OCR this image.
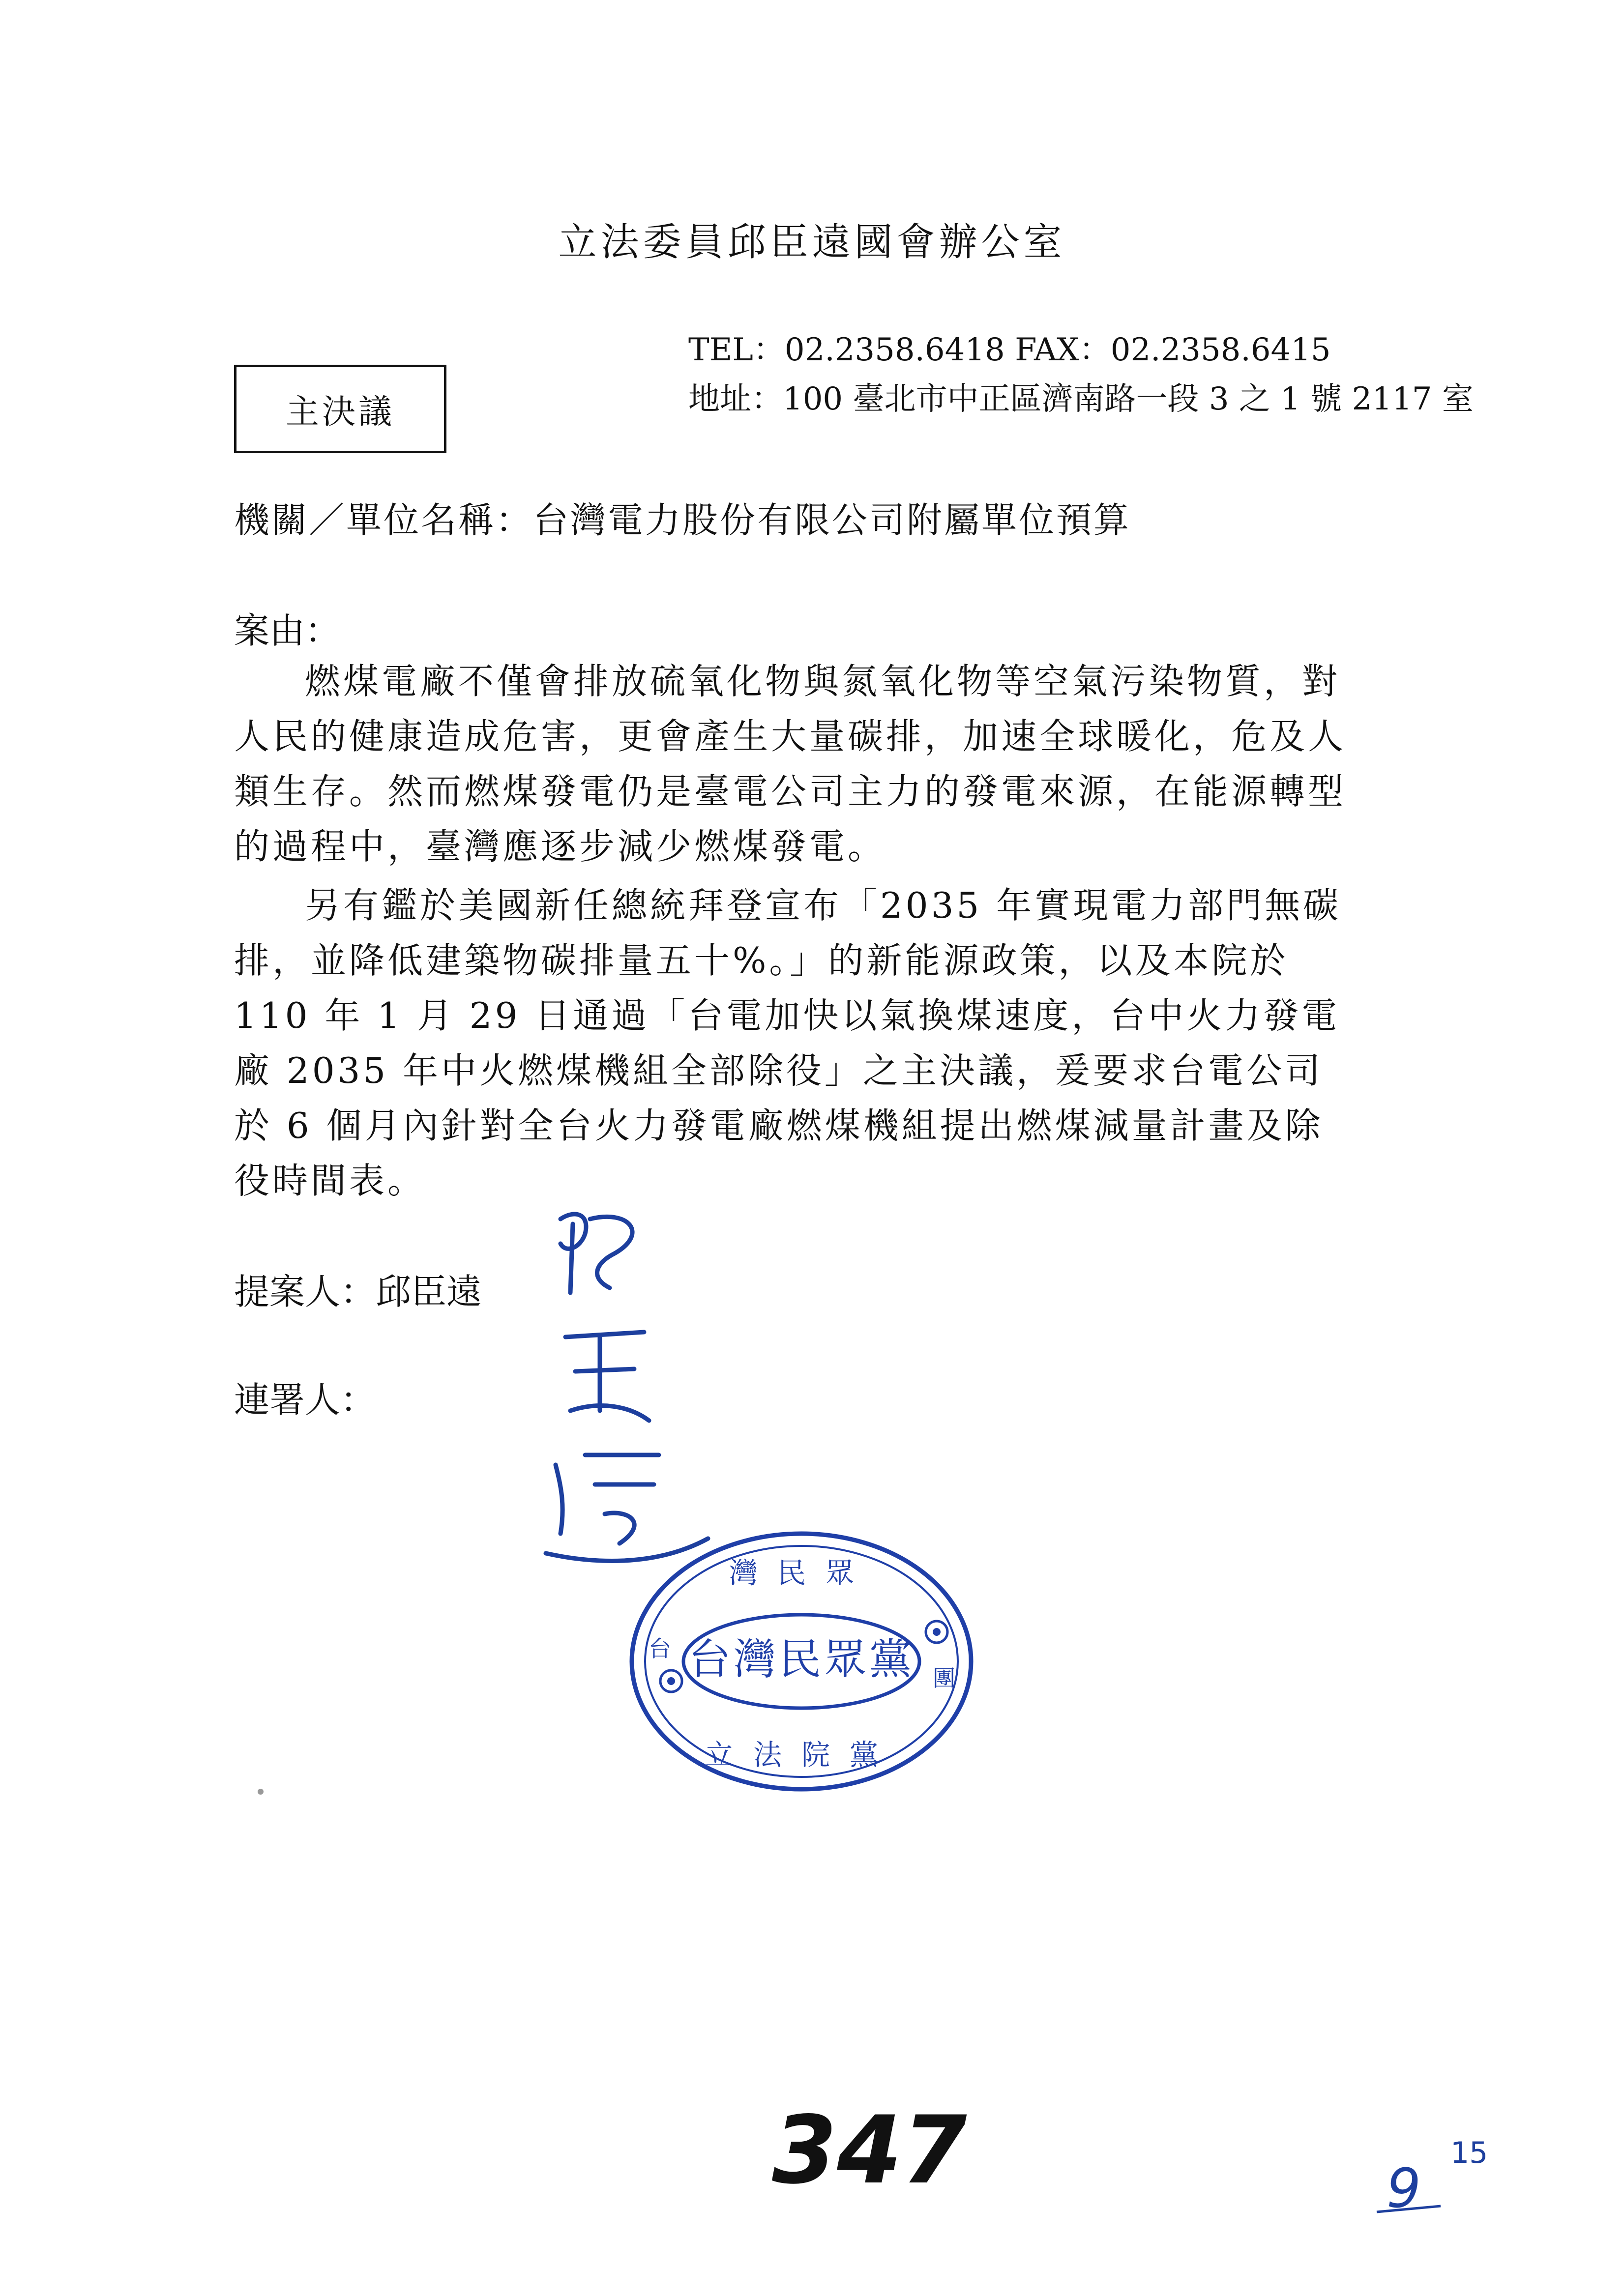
立法委員邱臣遠國會辦公室
TEL：02.2358.6418 FAX：02.2358.6415
地址：100 臺北市中正區濟南路一段 3 之 1 號 2117 室
主決議
機關／單位名稱：台灣電力股份有限公司附屬單位預算
案由：

燃煤電廠不僅會排放硫氧化物與氮氧化物等空氣污染物質，對人民的健康造成危害，更會產生大量碳排，加速全球暖化，危及人類生存。然而燃煤發電仍是臺電公司主力的發電來源，在能源轉型的過程中，臺灣應逐步減少燃煤發電。

另有鑑於美國新任總統拜登宣布「2035 年實現電力部門無碳排，並降低建築物碳排量五十%。」的新能源政策，以及本院於 110 年 1 月 29 日通過「台電加快以氣換煤速度，台中火力發電廠 2035 年中火燃煤機組全部除役」之主決議，爰要求台電公司於 6 個月內針對全台火力發電廠燃煤機組提出燃煤減量計畫及除役時間表。

提案人：邱臣遠
連署人：
灣民眾
台灣民眾黨
立法院黨
台
團
347	9
15
